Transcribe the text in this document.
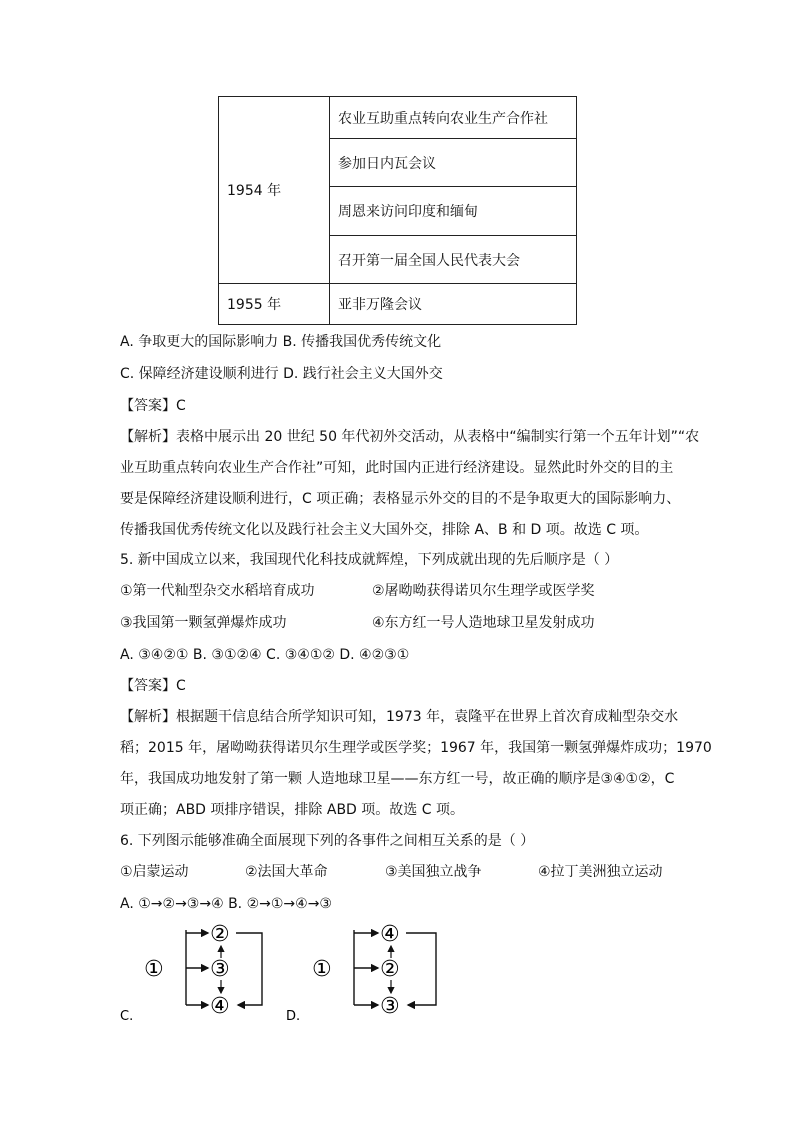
1954 年	农业互助重点转向农业生产合作社
	参加日内瓦会议
	周恩来访问印度和缅甸
	召开第一届全国人民代表大会
1955 年	亚非万隆会议
A. 争取更大的国际影响力 B. 传播我国优秀传统文化
C. 保障经济建设顺利进行 D. 践行社会主义大国外交
【答案】C
【解析】表格中展示出 20 世纪 50 年代初外交活动，从表格中“编制实行第一个五年计划”“农
业互助重点转向农业生产合作社”可知，此时国内正进行经济建设。显然此时外交的目的主
要是保障经济建设顺利进行，C 项正确；表格显示外交的目的不是争取更大的国际影响力、
传播我国优秀传统文化以及践行社会主义大国外交，排除 A、B 和 D 项。故选 C 项。
5. 新中国成立以来，我国现代化科技成就辉煌，下列成就出现的先后顺序是（ ）
①第一代籼型杂交水稻培育成功	②屠呦呦获得诺贝尔生理学或医学奖
③我国第一颗氢弹爆炸成功	④东方红一号人造地球卫星发射成功
A. ③④②① B. ③①②④ C. ③④①② D. ④②③①
【答案】C
【解析】根据题干信息结合所学知识可知，1973 年，袁隆平在世界上首次育成籼型杂交水
稻；2015 年，屠呦呦获得诺贝尔生理学或医学奖；1967 年，我国第一颗氢弹爆炸成功；1970
年，我国成功地发射了第一颗 人造地球卫星——东方红一号，故正确的顺序是③④①②，C
项正确；ABD 项排序错误，排除 ABD 项。故选 C 项。
6. 下列图示能够准确全面展现下列的各事件之间相互关系的是（ ）
①启蒙运动	②法国大革命	③美国独立战争	④拉丁美洲独立运动
A. ①→②→③→④ B. ②→①→④→③
①
②
③
④
C.
①
④
②
③
D.
